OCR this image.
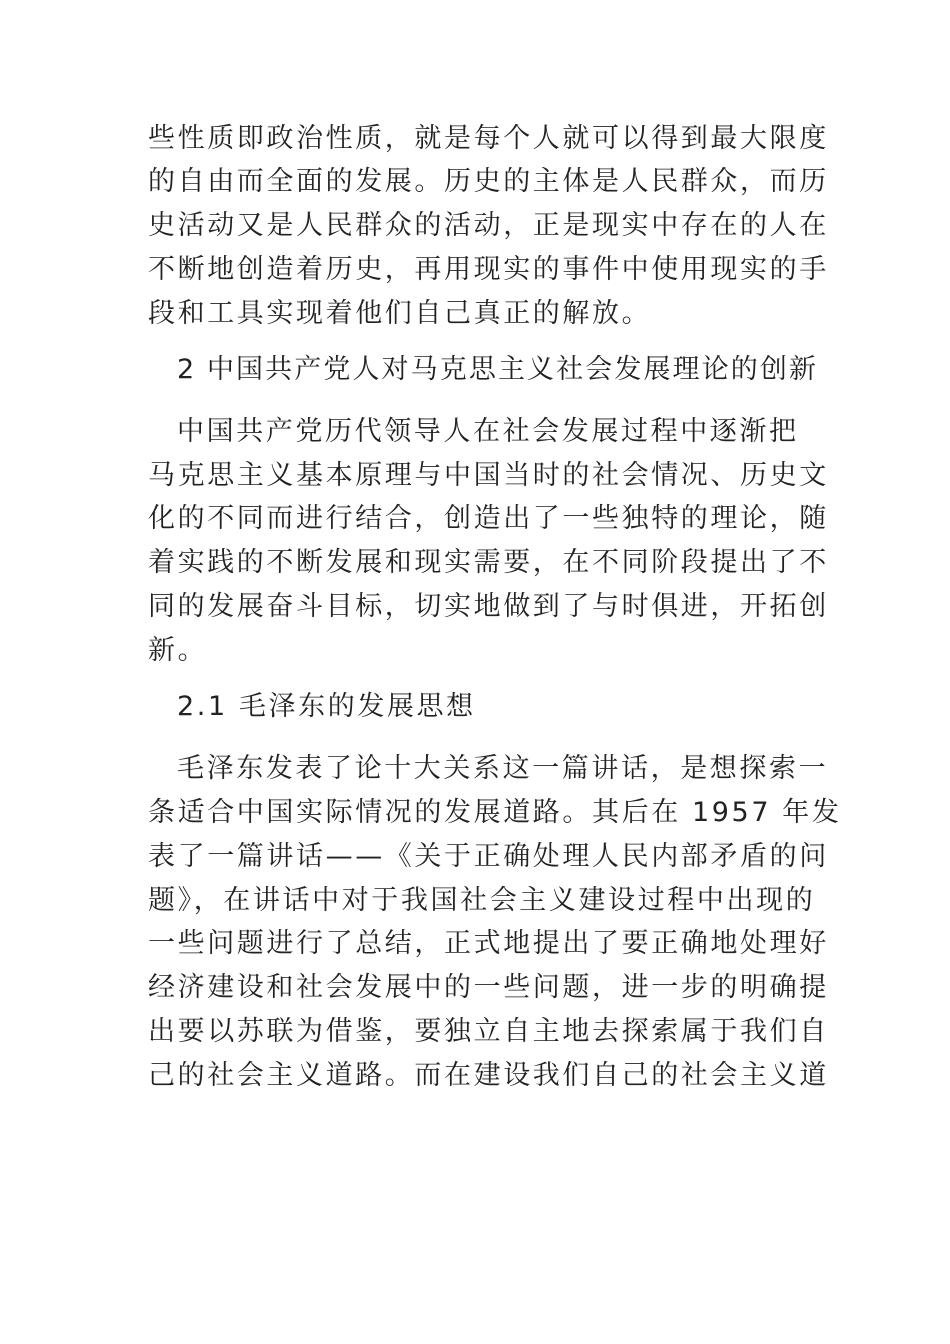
些性质即政治性质，就是每个人就可以得到最大限度
的自由而全面的发展。历史的主体是人民群众，而历
史活动又是人民群众的活动，正是现实中存在的人在
不断地创造着历史，再用现实的事件中使用现实的手
段和工具实现着他们自己真正的解放。
2 中国共产党人对马克思主义社会发展理论的创新
中国共产党历代领导人在社会发展过程中逐渐把
马克思主义基本原理与中国当时的社会情况、历史文
化的不同而进行结合，创造出了一些独特的理论，随
着实践的不断发展和现实需要，在不同阶段提出了不
同的发展奋斗目标，切实地做到了与时俱进，开拓创
新。
2.1 毛泽东的发展思想
毛泽东发表了论十大关系这一篇讲话，是想探索一
条适合中国实际情况的发展道路。其后在 1957 年发
表了一篇讲话——《关于正确处理人民内部矛盾的问
题》，在讲话中对于我国社会主义建设过程中出现的
一些问题进行了总结，正式地提出了要正确地处理好
经济建设和社会发展中的一些问题，进一步的明确提
出要以苏联为借鉴，要独立自主地去探索属于我们自
己的社会主义道路。而在建设我们自己的社会主义道
